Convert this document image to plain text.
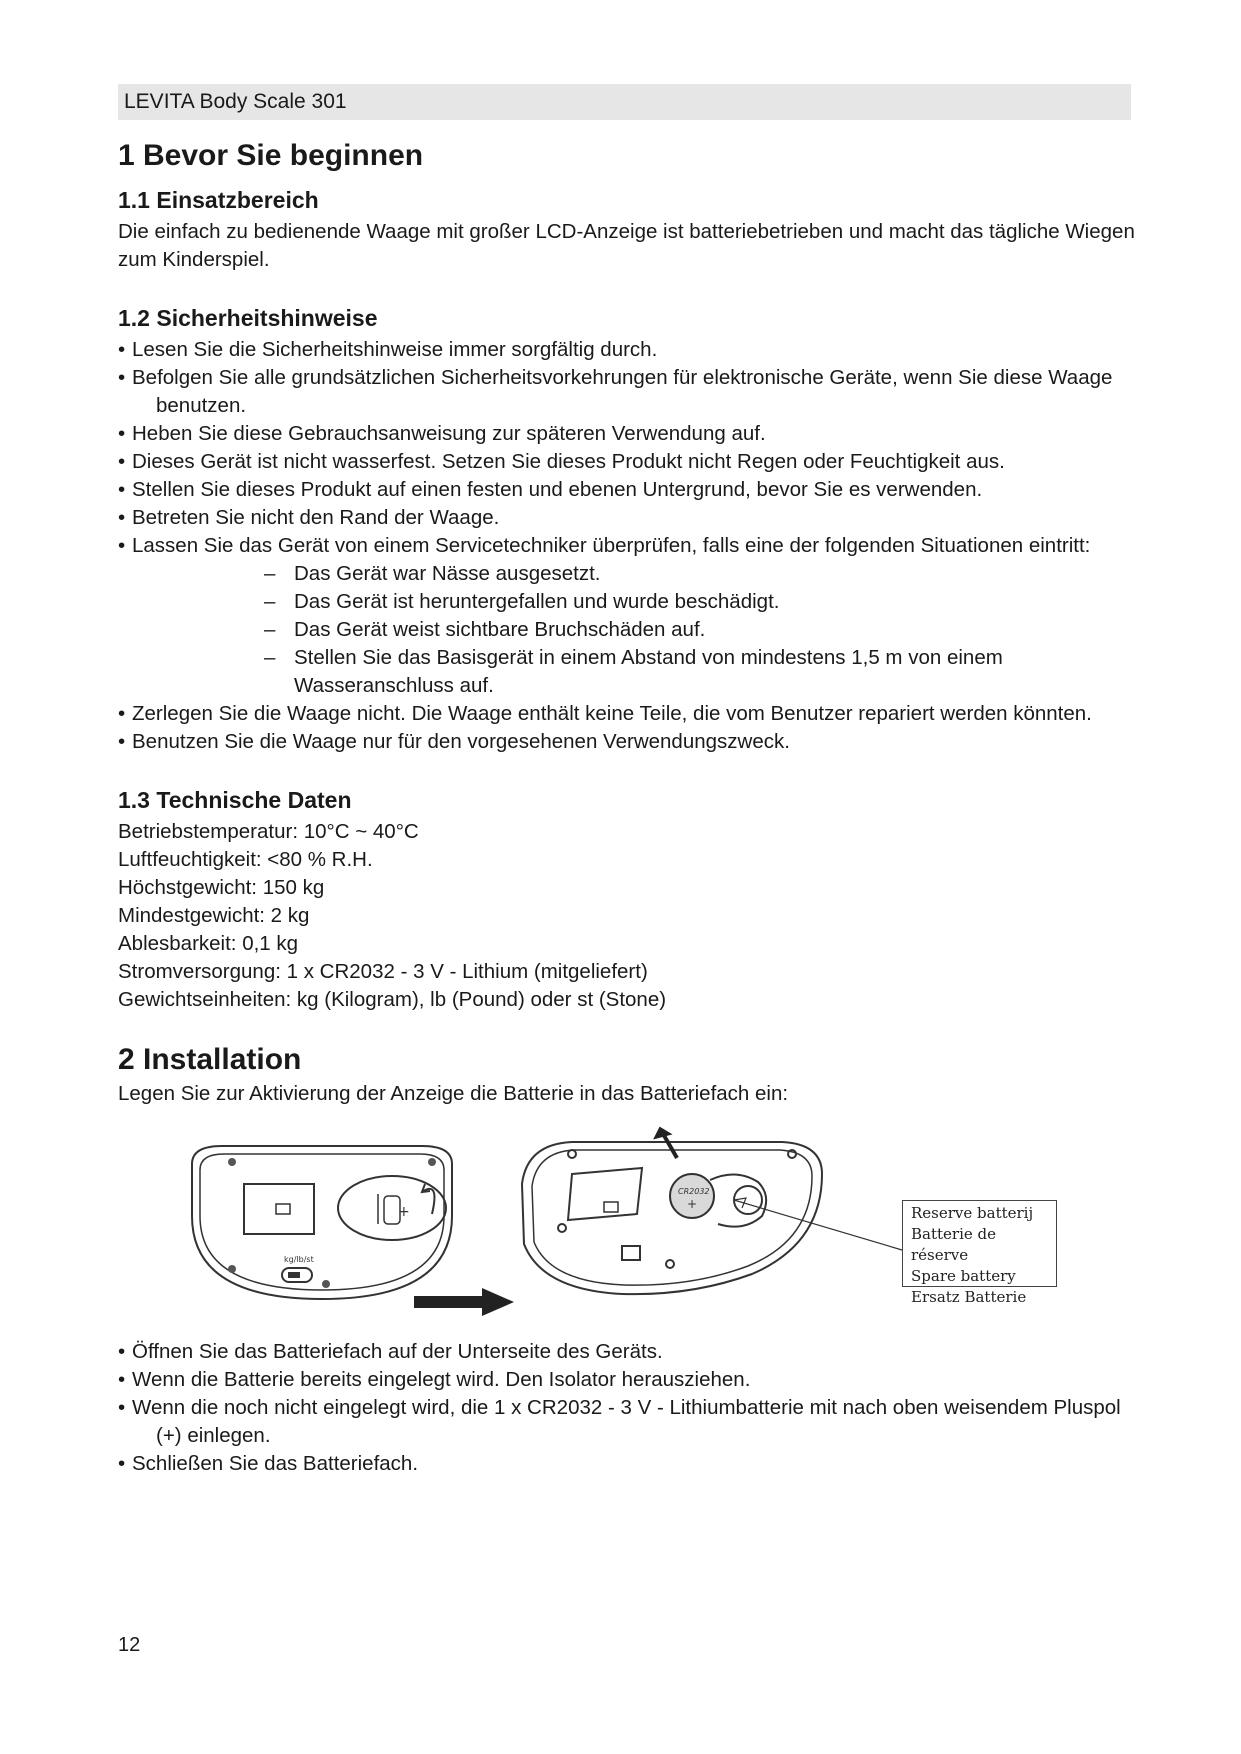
LEVITA Body Scale 301
1 Bevor Sie beginnen
1.1 Einsatzbereich

Die einfach zu bedienende Waage mit großer LCD-Anzeige ist batteriebetrieben und macht das tägliche Wiegen zum Kinderspiel.

1.2 Sicherheitshinweise
• Lesen Sie die Sicherheitshinweise immer sorgfältig durch.
• Befolgen Sie alle grundsätzlichen Sicherheitsvorkehrungen für elektronische Geräte, wenn Sie diese Waage benutzen.
• Heben Sie diese Gebrauchsanweisung zur späteren Verwendung auf.
• Dieses Gerät ist nicht wasserfest. Setzen Sie dieses Produkt nicht Regen oder Feuchtigkeit aus.
• Stellen Sie dieses Produkt auf einen festen und ebenen Untergrund, bevor Sie es verwenden.
• Betreten Sie nicht den Rand der Waage.
• Lassen Sie das Gerät von einem Servicetechniker überprüfen, falls eine der folgenden Situationen eintritt:
– Das Gerät war Nässe ausgesetzt.
– Das Gerät ist heruntergefallen und wurde beschädigt.
– Das Gerät weist sichtbare Bruchschäden auf.
– Stellen Sie das Basisgerät in einem Abstand von mindestens 1,5 m von einem Wasseranschluss auf.
• Zerlegen Sie die Waage nicht. Die Waage enthält keine Teile, die vom Benutzer repariert werden könnten.
• Benutzen Sie die Waage nur für den vorgesehenen Verwendungszweck.
1.3 Technische Daten

Betriebstemperatur: 10°C ~ 40°C

Luftfeuchtigkeit: <80 % R.H.

Höchstgewicht: 150 kg

Mindestgewicht: 2 kg

Ablesbarkeit: 0,1 kg

Stromversorgung: 1 x CR2032 - 3 V - Lithium (mitgeliefert)

Gewichtseinheiten: kg (Kilogram), lb (Pound) oder st (Stone)

2 Installation

Legen Sie zur Aktivierung der Anzeige die Batterie in das Batteriefach ein:

+
CR2032
+
kg/lb/st
Reserve batterij
Batterie de réserve
Spare battery
Ersatz Batterie
• Öffnen Sie das Batteriefach auf der Unterseite des Geräts.
• Wenn die Batterie bereits eingelegt wird. Den Isolator herausziehen.
• Wenn die noch nicht eingelegt wird, die 1 x CR2032 - 3 V - Lithiumbatterie mit nach oben weisendem Pluspol (+) einlegen.
• Schließen Sie das Batteriefach.
12
